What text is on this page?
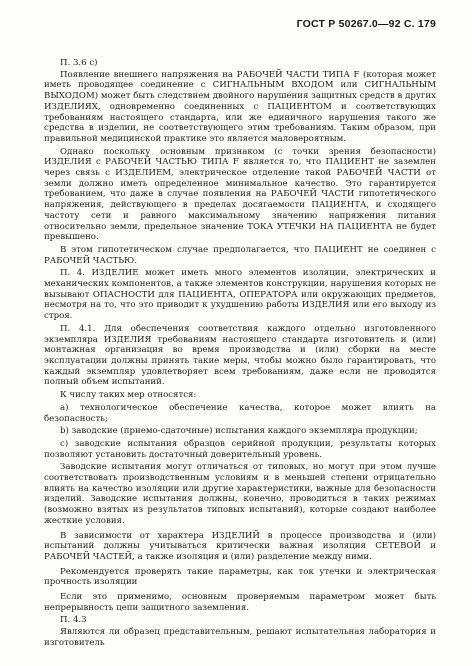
ГОСТ Р 50267.0—92 С. 179

П. 3.6 с)

Появление внешнего напряжения на РАБОЧЕЙ ЧАСТИ ТИПА F (которая может иметь проводящее соединение с СИГНАЛЬНЫМ ВХОДОМ или СИГНАЛЬНЫМ ВЫХОДОМ) может быть следствием двойного нарушения защитных средств в других ИЗДЕЛИЯХ, одновременно соединенных с ПАЦИЕНТОМ и соответствующих требованиям настоящего стандарта, или же единичного нарушения такого же средства в изделии, не соответствующего этим требованиям. Таким образом, при правильной медицинской практике это является маловероятным.

Однако поскольку основным признаком (с точки зрения безопасности) ИЗДЕЛИЯ с РАБОЧЕЙ ЧАСТЬЮ ТИПА F является то, что ПАЦИЕНТ не заземлен через связь с ИЗДЕЛИЕМ, электрическое отделение такой РАБОЧЕЙ ЧАСТИ от земли должно иметь определенное минимальное качество. Это гарантируется требованием, что даже в случае появления на РАБОЧЕЙ ЧАСТИ гипотетического напряжения, действующего в пределах досягаемости ПАЦИЕНТА, и сходящего частоту сети и равного максимальному значению напряжения питания относительно земли, предельное значение ТОКА УТЕЧКИ НА ПАЦИЕНТА не будет превышено.

В этом гипотетическом случае предполагается, что ПАЦИЕНТ не соединен с РАБОЧЕЙ ЧАСТЬЮ.

П. 4. ИЗДЕЛИЕ может иметь много элементов изоляции, электрических и механических компонентов, а также элементов конструкции, нарушения которых не вызывают ОПАСНОСТИ для ПАЦИЕНТА, ОПЕРАТОРА или окружающих предметов, несмотря на то, что это приводит к ухудшению работы ИЗДЕЛИЯ или его выходу из строя.

П. 4.1. Для обеспечения соответствия каждого отдельно изготовленного экземпляра ИЗДЕЛИЯ требованиям настоящего стандарта изготовитель и (или) монтажная организация во время производства и (или) сборки на месте эксплуатации должны принять такие меры, чтобы можно было гарантировать, что каждый экземпляр удовлетворяет всем требованиям, даже если не проводятся полный объем испытаний.

К числу таких мер относятся:

a) технологическое обеспечение качества, которое может влиять на безопасность;

b) заводские (приемо-сдаточные) испытания каждого экземпляра продукции;

c) заводские испытания образцов серийной продукции, результаты которых позволяют установить достаточный доверительный уровень.

Заводские испытания могут отличаться от типовых, но могут при этом лучше соответствовать производственным условиям и в меньшей степени отрицательно влиять на качество изоляции или другие характеристики, важные для безопасности изделий. Заводские испытания должны, конечно, проводиться в таких режимах (возможно взятых из результатов типовых испытаний), которые создают наиболее жесткие условия.

В зависимости от характера ИЗДЕЛИЙ в процессе производства и (или) испытаний должны учитываться критически важная изоляция СЕТЕВОЙ и РАБОЧЕЙ ЧАСТЕЙ, а также изоляция и (или) разделение между ними.

Рекомендуется проверять такие параметры, как ток утечки и электрическая прочность изоляции

Если это применимо, основным проверяемым параметром может быть непрерывность цепи защитного заземления.

П. 4.3

Являются ли образец представительным, решают испытательная лаборатория и изготовитель
